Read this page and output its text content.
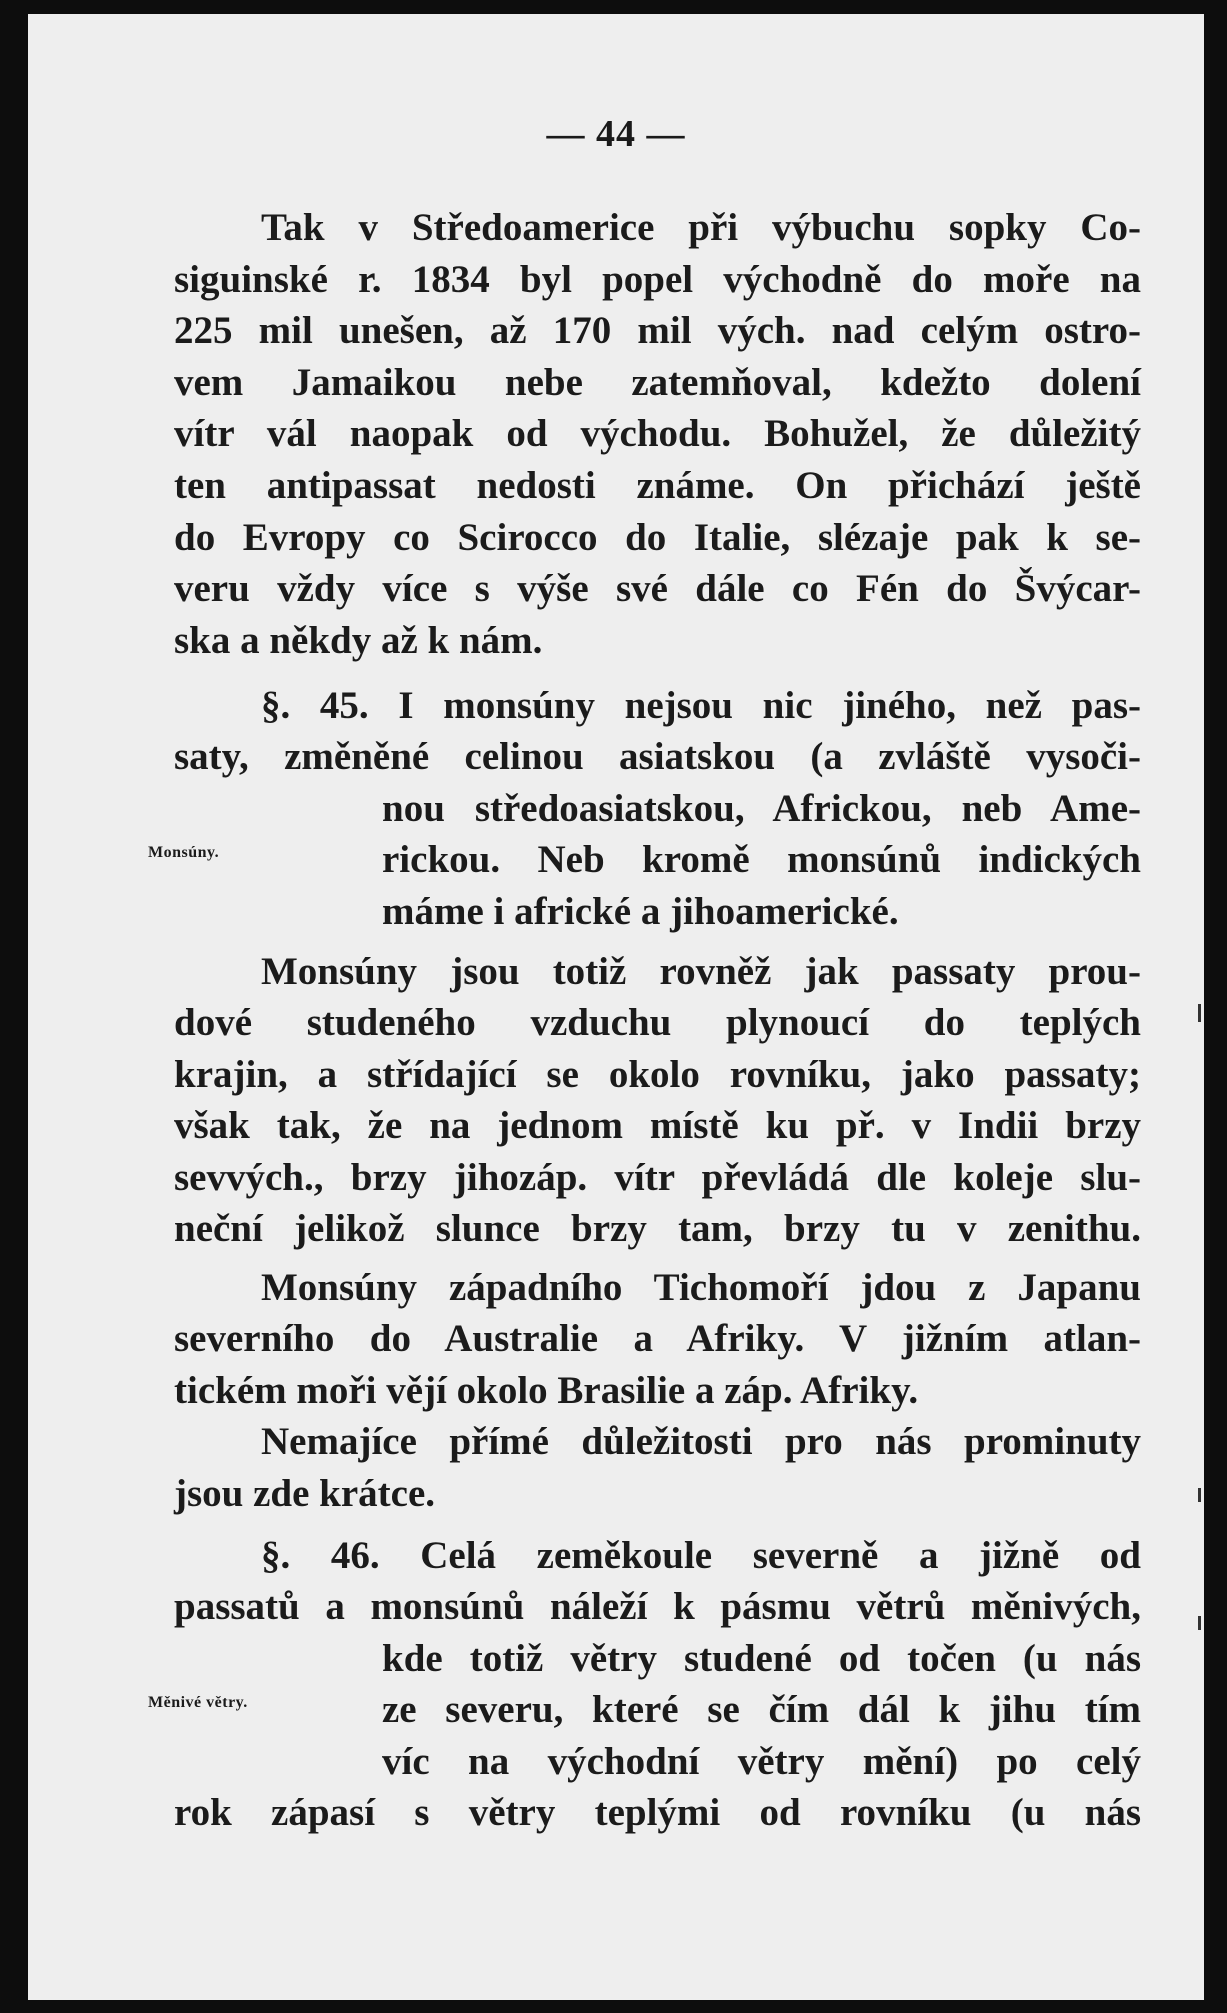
— 44 —
Tak v Středoamerice při výbuchu sopky Co-
siguinské r. 1834 byl popel východně do moře na
225 mil unešen, až 170 mil vých. nad celým ostro-
vem Jamaikou nebe zatemňoval, kdežto dolení
vítr vál naopak od východu. Bohužel, že důležitý
ten antipassat nedosti známe. On přichází ještě
do Evropy co Scirocco do Italie, slézaje pak k se-
veru vždy více s výše své dále co Fén do Švýcar-
ska a někdy až k nám.
§. 45. I monsúny nejsou nic jiného, než pas-
saty, změněné celinou asiatskou (a zvláště vysoči-
nou středoasiatskou, Africkou, neb Ame-
rickou. Neb kromě monsúnů indických
máme i africké a jihoamerické.
Monsúny.
Monsúny jsou totiž rovněž jak passaty prou-
dové studeného vzduchu plynoucí do teplých
krajin, a střídající se okolo rovníku, jako passaty;
však tak, že na jednom místě ku př. v Indii brzy
sevvých., brzy jihozáp. vítr převládá dle koleje slu-
neční jelikož slunce brzy tam, brzy tu v zenithu.
Monsúny západního Tichomoří jdou z Japanu
severního do Australie a Afriky. V jižním atlan-
tickém moři vějí okolo Brasilie a záp. Afriky.
Nemajíce přímé důležitosti pro nás prominuty
jsou zde krátce.
§. 46. Celá zeměkoule severně a jižně od
passatů a monsúnů náleží k pásmu větrů měnivých,
kde totiž větry studené od točen (u nás
ze severu, které se čím dál k jihu tím
víc na východní větry mění) po celý
rok zápasí s větry teplými od rovníku (u nás
Měnivé větry.
